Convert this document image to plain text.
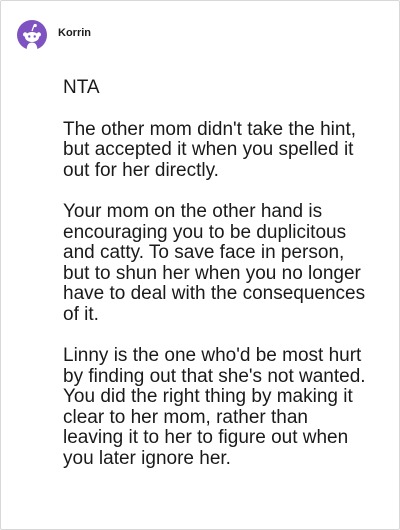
Korrin

NTA

The other mom didn't take the hint, but accepted it when you spelled it out for her directly.

Your mom on the other hand is encouraging you to be duplicitous and catty. To save face in person, but to shun her when you no longer have to deal with the consequences of it.

Linny is the one who'd be most hurt by finding out that she's not wanted. You did the right thing by making it clear to her mom, rather than leaving it to her to figure out when you later ignore her.
